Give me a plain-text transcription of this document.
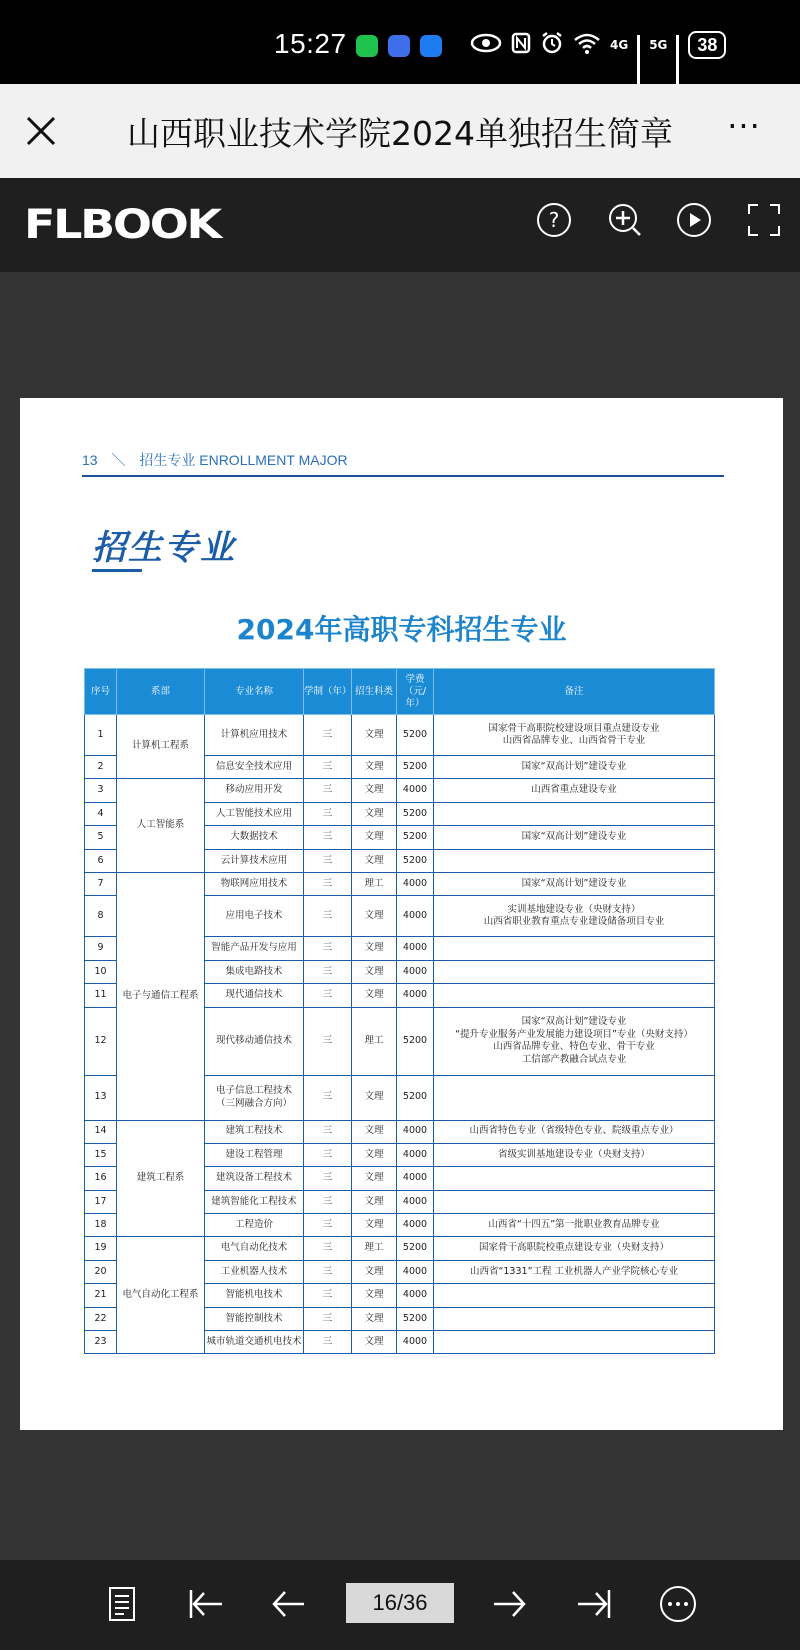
15:27	4G 5G	38
山西职业技术学院2024单独招生简章	···
FLBOOK	?
13 ＼ 招生专业 ENROLLMENT MAJOR
招生专业
2024年高职专科招生专业
序号	系部	专业名称	学制（年）	招生科类	学费（元/年）	备注
1	计算机工程系	计算机应用技术	三	文理	5200	国家骨干高职院校建设项目重点建设专业
山西省品牌专业、山西省骨干专业

2		信息安全技术应用	三	文理	5200	国家“双高计划”建设专业
3	人工智能系	移动应用开发	三	文理	4000	山西省重点建设专业
4		人工智能技术应用	三	文理	5200	
5		大数据技术	三	文理	5200	国家“双高计划”建设专业
6		云计算技术应用	三	文理	5200	
7	电子与通信工程系	物联网应用技术	三	理工	4000	国家“双高计划”建设专业
8		应用电子技术	三	文理	4000	实训基地建设专业（央财支持）
山西省职业教育重点专业建设储备项目专业

9		智能产品开发与应用	三	文理	4000	
10		集成电路技术	三	文理	4000	
11		现代通信技术	三	文理	4000	
12		现代移动通信技术	三	理工	5200	国家“双高计划”建设专业
“提升专业服务产业发展能力建设项目”专业（央财支持）
山西省品牌专业、特色专业、骨干专业
工信部产教融合试点专业

13		电子信息工程技术
（三网融合方向）	三	文理	5200	
14	建筑工程系	建筑工程技术	三	文理	4000	山西省特色专业（省级特色专业、院级重点专业）
15		建设工程管理	三	文理	4000	省级实训基地建设专业（央财支持）
16		建筑设备工程技术	三	文理	4000	
17		建筑智能化工程技术	三	文理	4000	
18		工程造价	三	文理	4000	山西省“十四五”第一批职业教育品牌专业
19	电气自动化工程系	电气自动化技术	三	理工	5200	国家骨干高职院校重点建设专业（央财支持）
20		工业机器人技术	三	文理	4000	山西省“1331”工程 工业机器人产业学院核心专业
21		智能机电技术	三	文理	4000	
22		智能控制技术	三	文理	5200	
23		城市轨道交通机电技术	三	文理	4000	
16/36
